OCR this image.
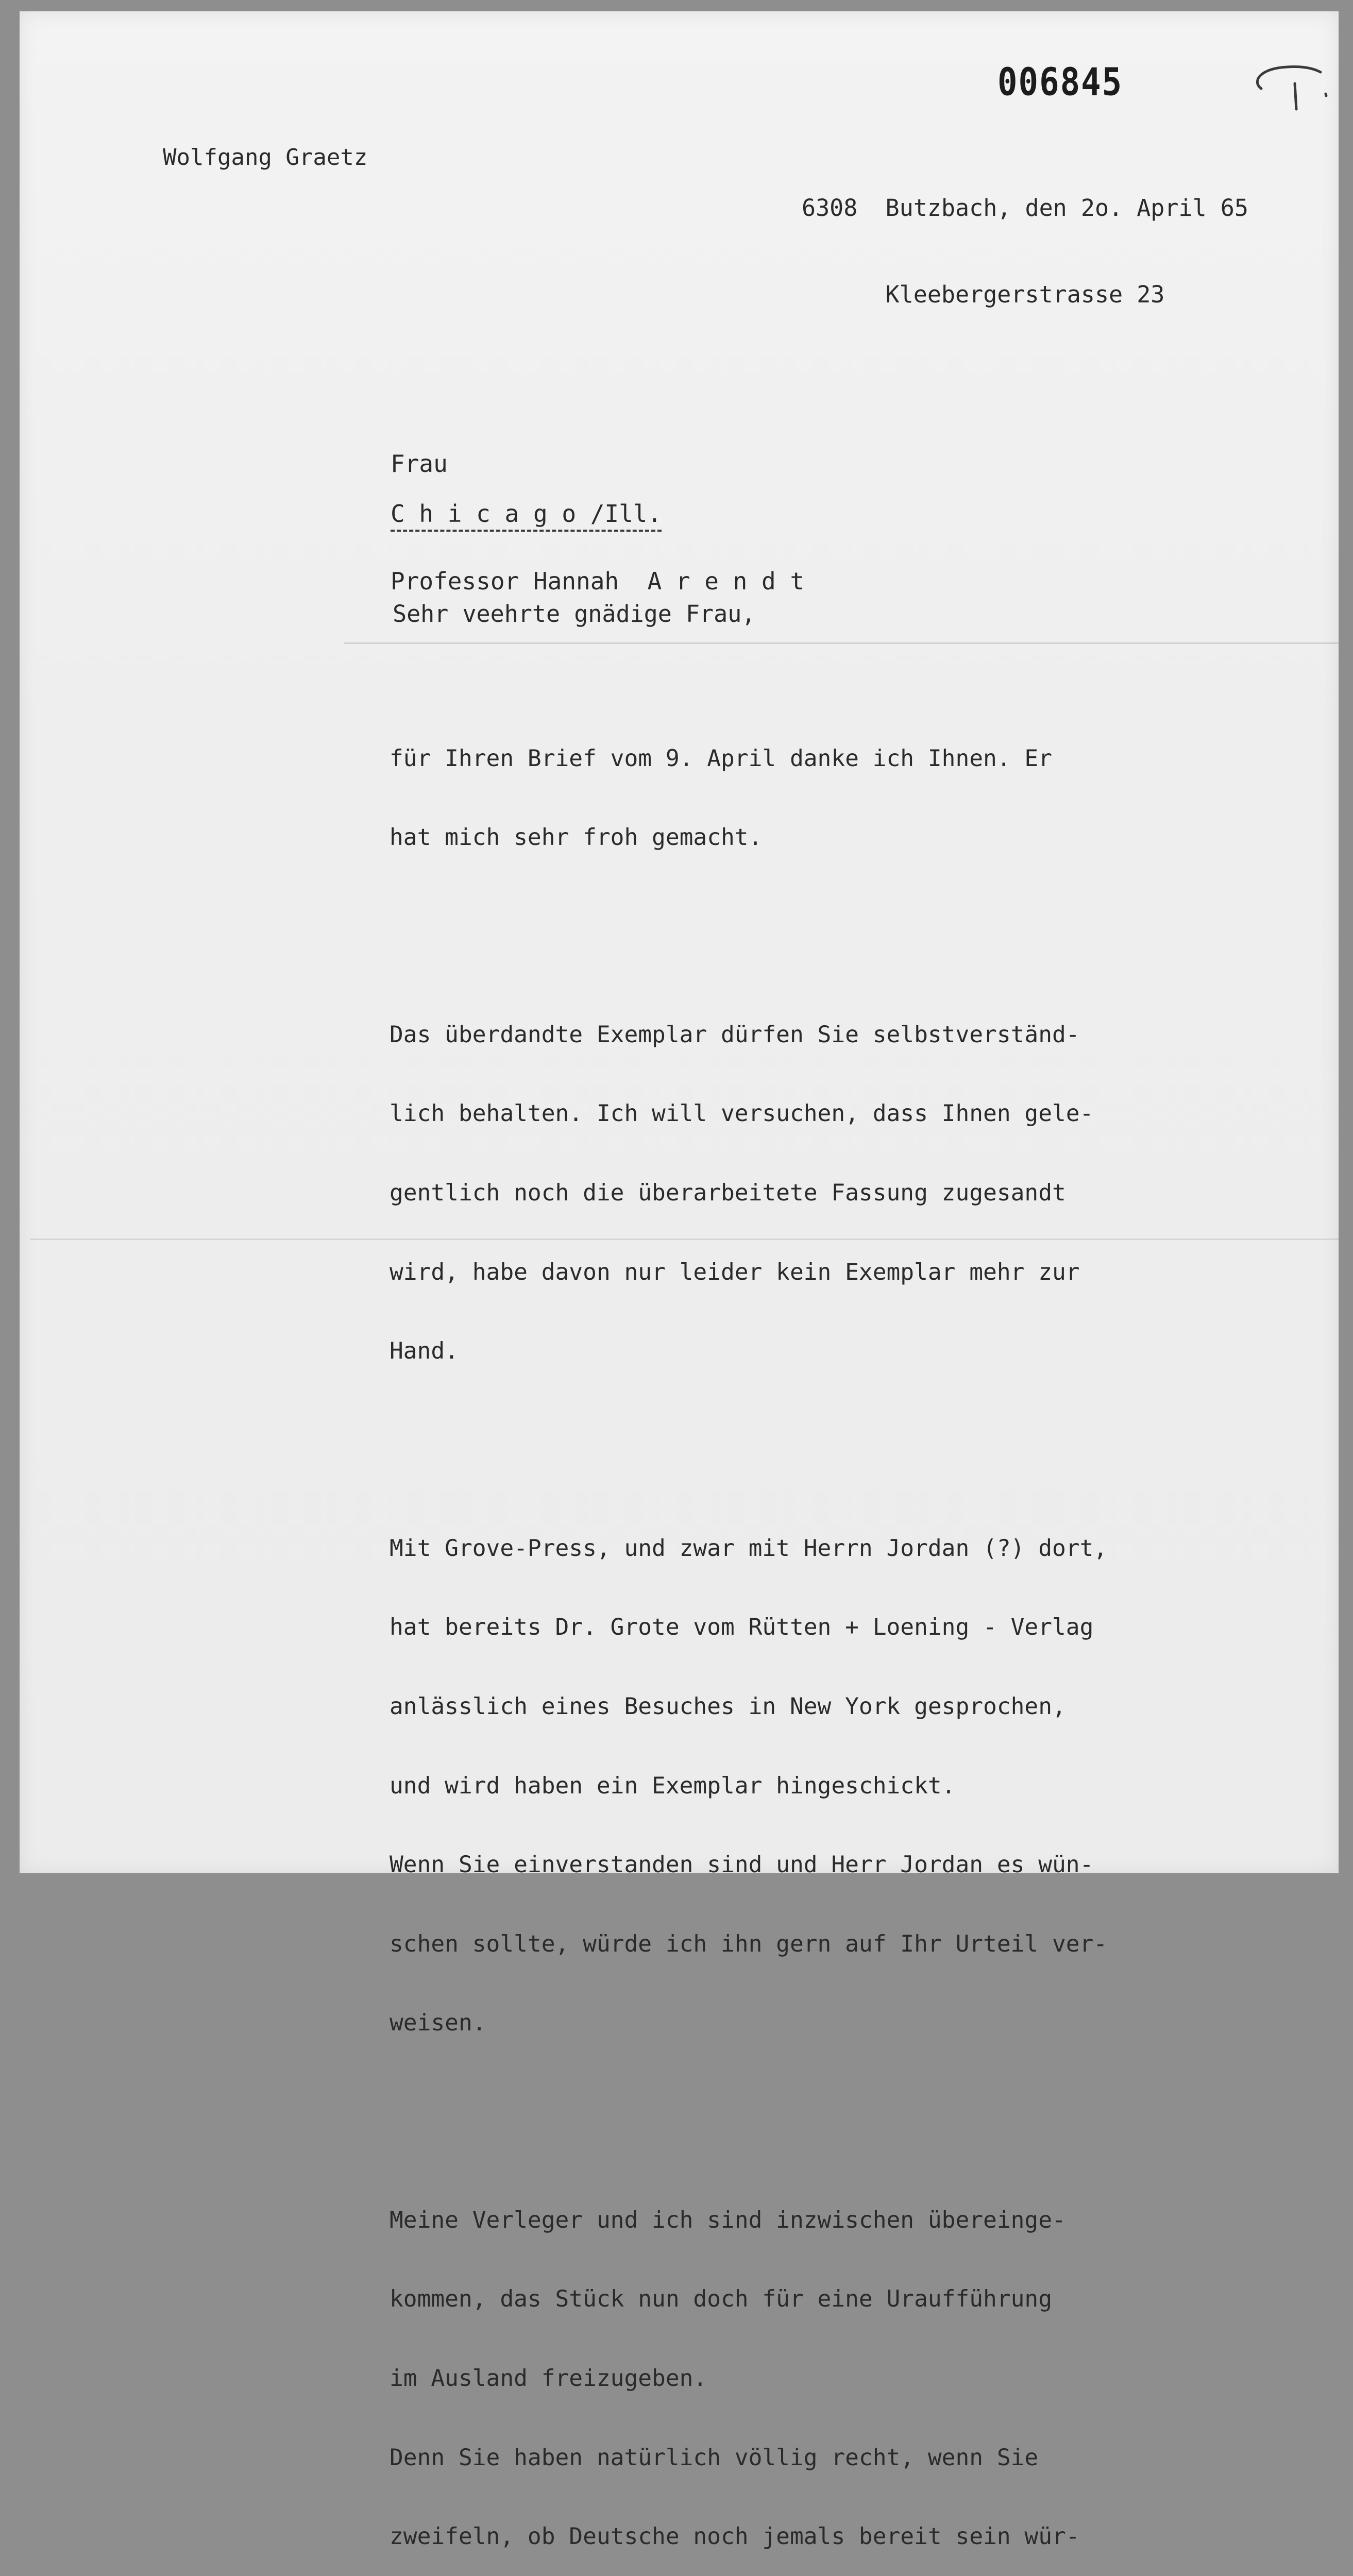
006845
1
Wolfgang Graetz

6308  Butzbach, den 2o. April 65

Kleebergerstrasse 23

Frau

Professor Hannah  A r e n d t

C h i c a g o /Ill.
Sehr veehrte gnädige Frau,

für Ihren Brief vom 9. April danke ich Ihnen. Er

hat mich sehr froh gemacht.

Das überdandte Exemplar dürfen Sie selbstverständ-

lich behalten. Ich will versuchen, dass Ihnen gele-

gentlich noch die überarbeitete Fassung zugesandt

wird, habe davon nur leider kein Exemplar mehr zur

Hand.

Mit Grove-Press, und zwar mit Herrn Jordan (?) dort,

hat bereits Dr. Grote vom Rütten + Loening - Verlag

anlässlich eines Besuches in New York gesprochen,

und wird haben ein Exemplar hingeschickt.

Wenn Sie einverstanden sind und Herr Jordan es wün-

schen sollte, würde ich ihn gern auf Ihr Urteil ver-

weisen.

Meine Verleger und ich sind inzwischen übereinge-

kommen, das Stück nun doch für eine Uraufführung

im Ausland freizugeben.

Denn Sie haben natürlich völlig recht, wenn Sie

zweifeln, ob Deutsche noch jemals bereit sein wür-
